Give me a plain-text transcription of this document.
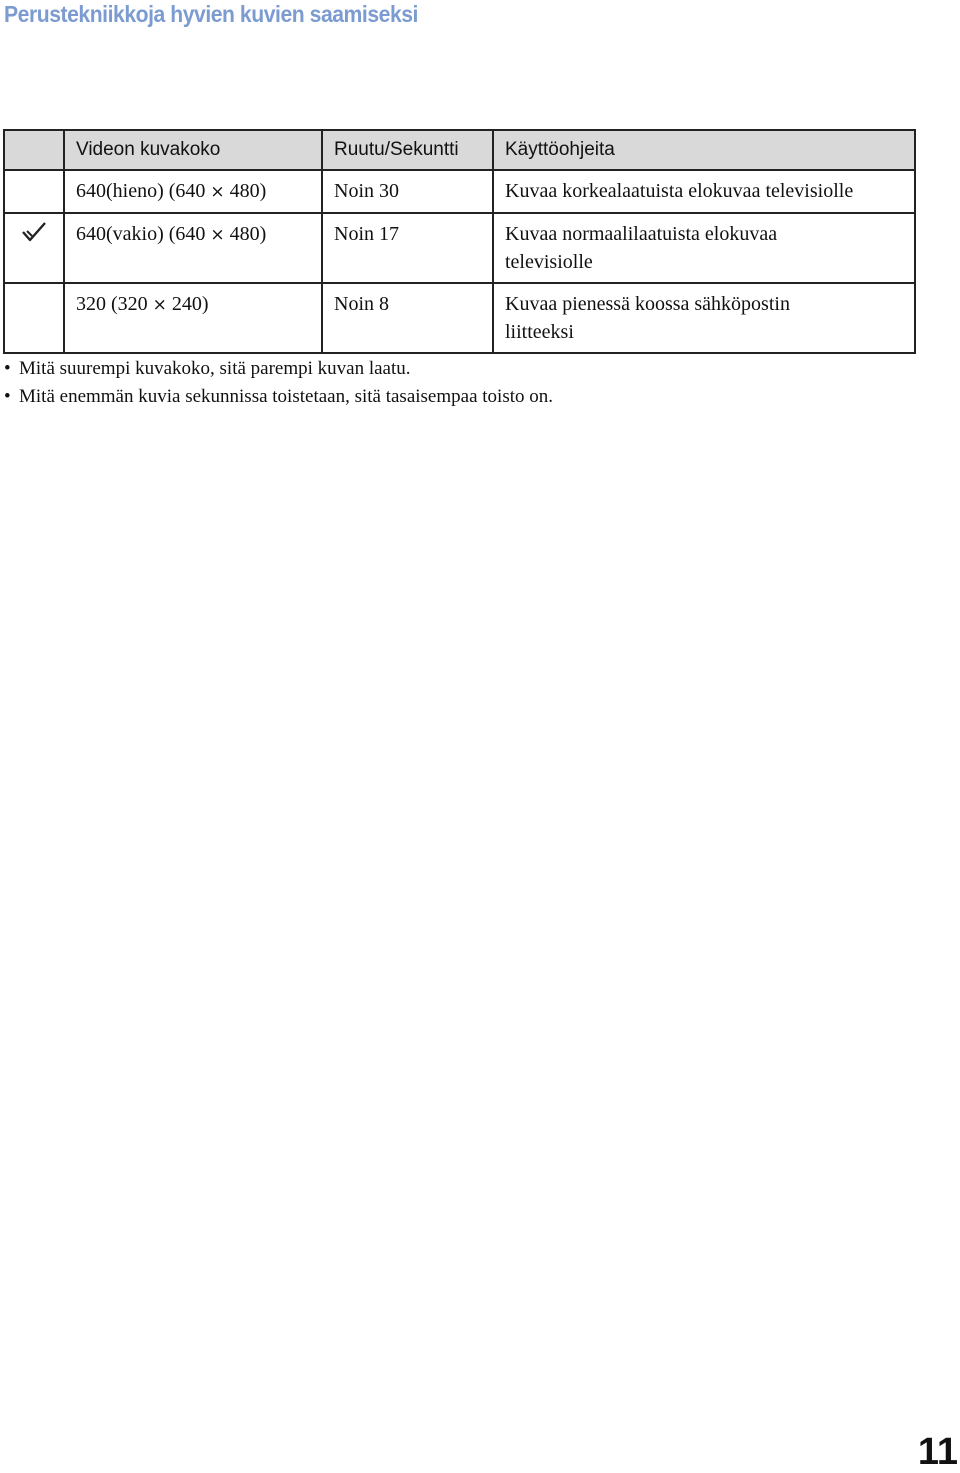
Perustekniikkoja hyvien kuvien saamiseksi
	Videon kuvakoko	Ruutu/Sekuntti	Käyttöohjeita
	640(hieno) (640 × 480)	Noin 30	Kuvaa korkealaatuista elokuvaa televisiolle
	640(vakio) (640 × 480)	Noin 17	Kuvaa normaalilaatuista elokuvaa televisiolle
	320 (320 × 240)	Noin 8	Kuvaa pienessä koossa sähköpostin liitteeksi
• Mitä suurempi kuvakoko, sitä parempi kuvan laatu.
• Mitä enemmän kuvia sekunnissa toistetaan, sitä tasaisempaa toisto on.
11
